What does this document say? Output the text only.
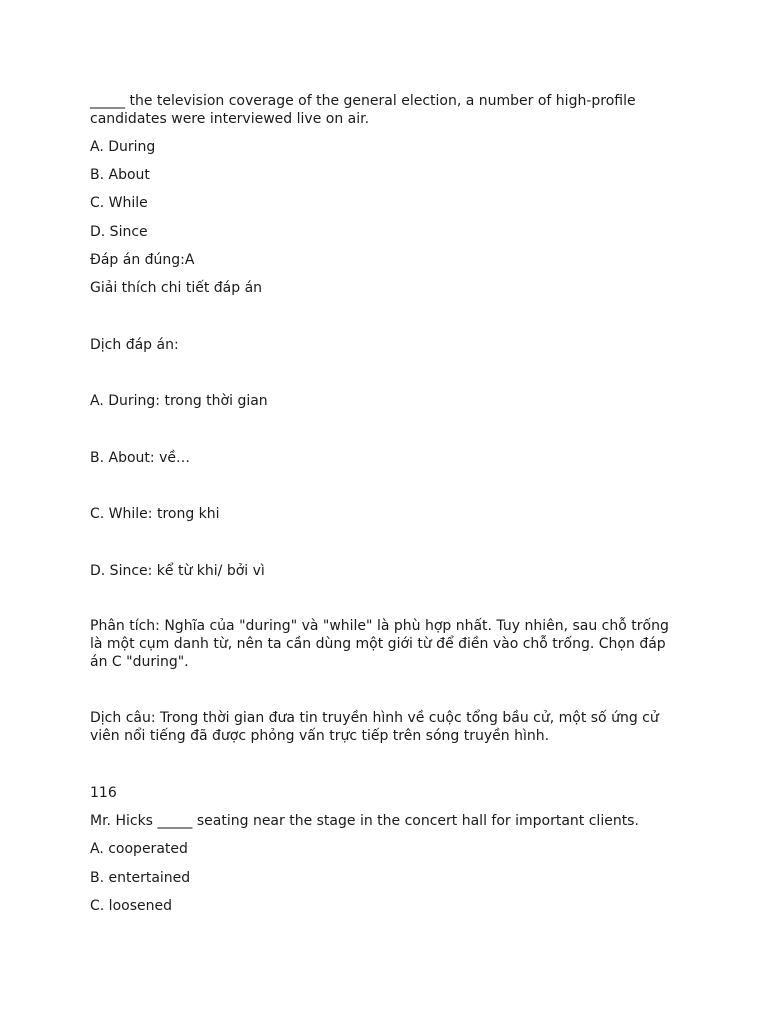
_____ the television coverage of the general election, a number of high-profile candidates were interviewed live on air.

A. During

B. About

C. While

D. Since

Đáp án đúng:A

Giải thích chi tiết đáp án

Dịch đáp án:

A. During: trong thời gian

B. About: về…

C. While: trong khi

D. Since: kể từ khi/ bởi vì

Phân tích: Nghĩa của "during" và "while" là phù hợp nhất. Tuy nhiên, sau chỗ trống là một cụm danh từ, nên ta cần dùng một giới từ để điền vào chỗ trống. Chọn đáp án C "during".

Dịch câu: Trong thời gian đưa tin truyền hình về cuộc tổng bầu cử, một số ứng cử viên nổi tiếng đã được phỏng vấn trực tiếp trên sóng truyền hình.

116

Mr. Hicks _____ seating near the stage in the concert hall for important clients.

A. cooperated

B. entertained

C. loosened
